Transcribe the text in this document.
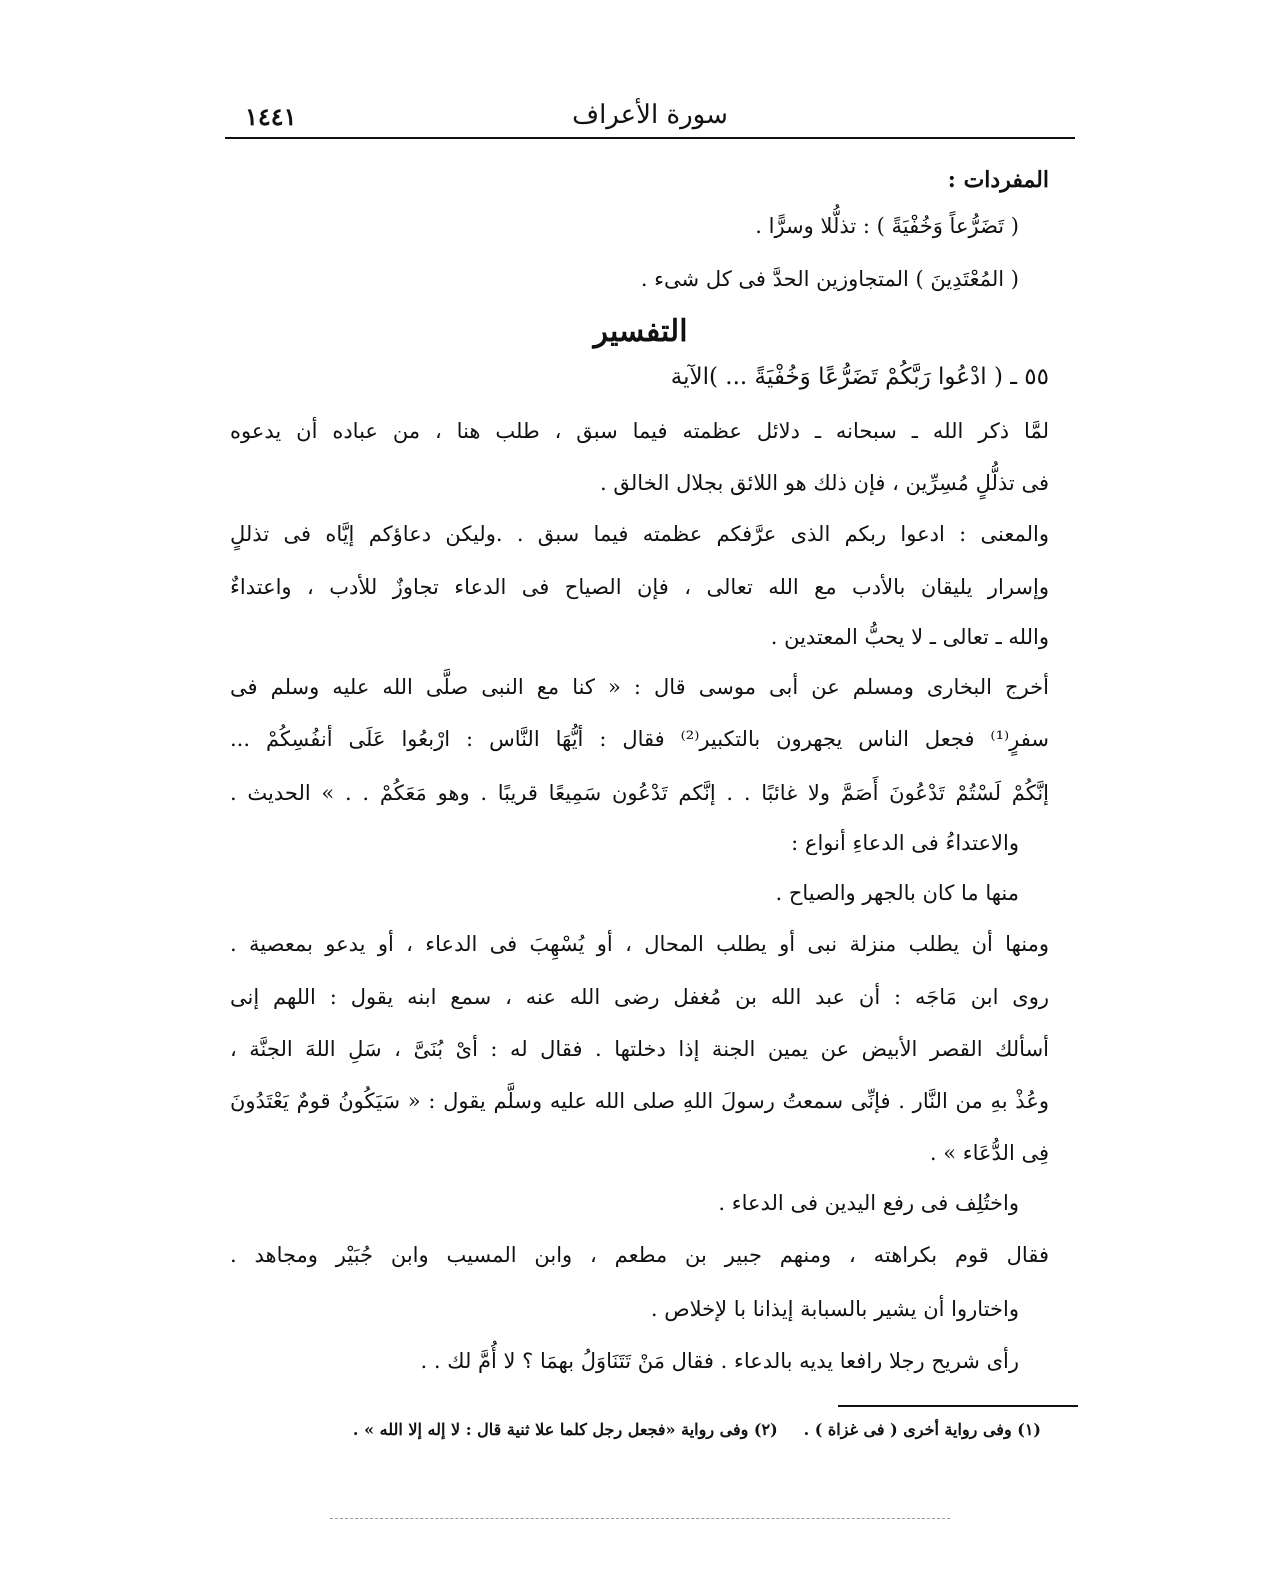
١٤٤١	سورة الأعراف
المفردات :
( تَضَرُّعاً وَخُفْيَةً ) : تذلُّلا وسرًّا .
( المُعْتَدِينَ ) المتجاوزين الحدَّ فى كل شىء .
التفسير
٥٥ ـ ( ادْعُوا رَبَّكُمْ تَضَرُّعًا وَخُفْيَةً ... )الآية
لمَّا ذكر الله ـ سبحانه ـ دلائل عظمته فيما سبق ، طلب هنا ، من عباده أن يدعوه
فى تذلُّلٍ مُسِرِّين ، فإن ذلك هو اللائق بجلال الخالق .
والمعنى : ادعوا ربكم الذى عرَّفكم عظمته فيما سبق . .وليكن دعاؤكم إيَّاه فى تذللٍ
وإسرار يليقان بالأدب مع الله تعالى ، فإن الصياح فى الدعاء تجاوزٌ للأدب ، واعتداءٌ
والله ـ تعالى ـ لا يحبُّ المعتدين .
أخرج البخارى ومسلم عن أبى موسى قال : « كنا مع النبى صلَّى الله عليه وسلم فى
سفرٍ⁽¹⁾ فجعل الناس يجهرون بالتكبير⁽²⁾ فقال : أيُّهَا النَّاس : ارْبعُوا عَلَى أنفُسِكُمْ ...
إنَّكُمْ لَسْتُمْ تَدْعُونَ أَصَمَّ ولا غائبًا . . إنَّكم تَدْعُون سَمِيعًا قريبًا . وهو مَعَكُمْ . . » الحديث .
والاعتداءُ فى الدعاءِ أنواع :
منها ما كان بالجهر والصياح .
ومنها أن يطلب منزلة نبى أو يطلب المحال ، أو يُسْهِبَ فى الدعاء ، أو يدعو بمعصية .
روى ابن مَاجَه : أن عبد الله بن مُغفل رضى الله عنه ، سمع ابنه يقول : اللهم إنى
أسألك القصر الأبيض عن يمين الجنة إذا دخلتها . فقال له : أىْ بُنَىَّ ، سَلِ اللهَ الجنَّة ،
وعُذْ بهِ من النَّار . فإنِّى سمعتُ رسولَ اللهِ صلى الله عليه وسلَّم يقول : « سَيَكُونُ قومٌ يَعْتَدُونَ
فِى الدُّعَاء » .
واختُلِف فى رفع اليدين فى الدعاء .
فقال قوم بكراهته ، ومنهم جبير بن مطعم ، وابن المسيب وابن جُبَيْر ومجاهد .
واختاروا أن يشير بالسبابة إيذانا با لإخلاص .
رأى شريح رجلا رافعا يديه بالدعاء . فقال مَنْ تَتَنَاوَلُ بهمَا ؟ لا أُمَّ لك . .
(١) وفى رواية أخرى ( فى غزاة ) .(٢) وفى رواية «فجعل رجل كلما علا ثنية قال : لا إله إلا الله » .
